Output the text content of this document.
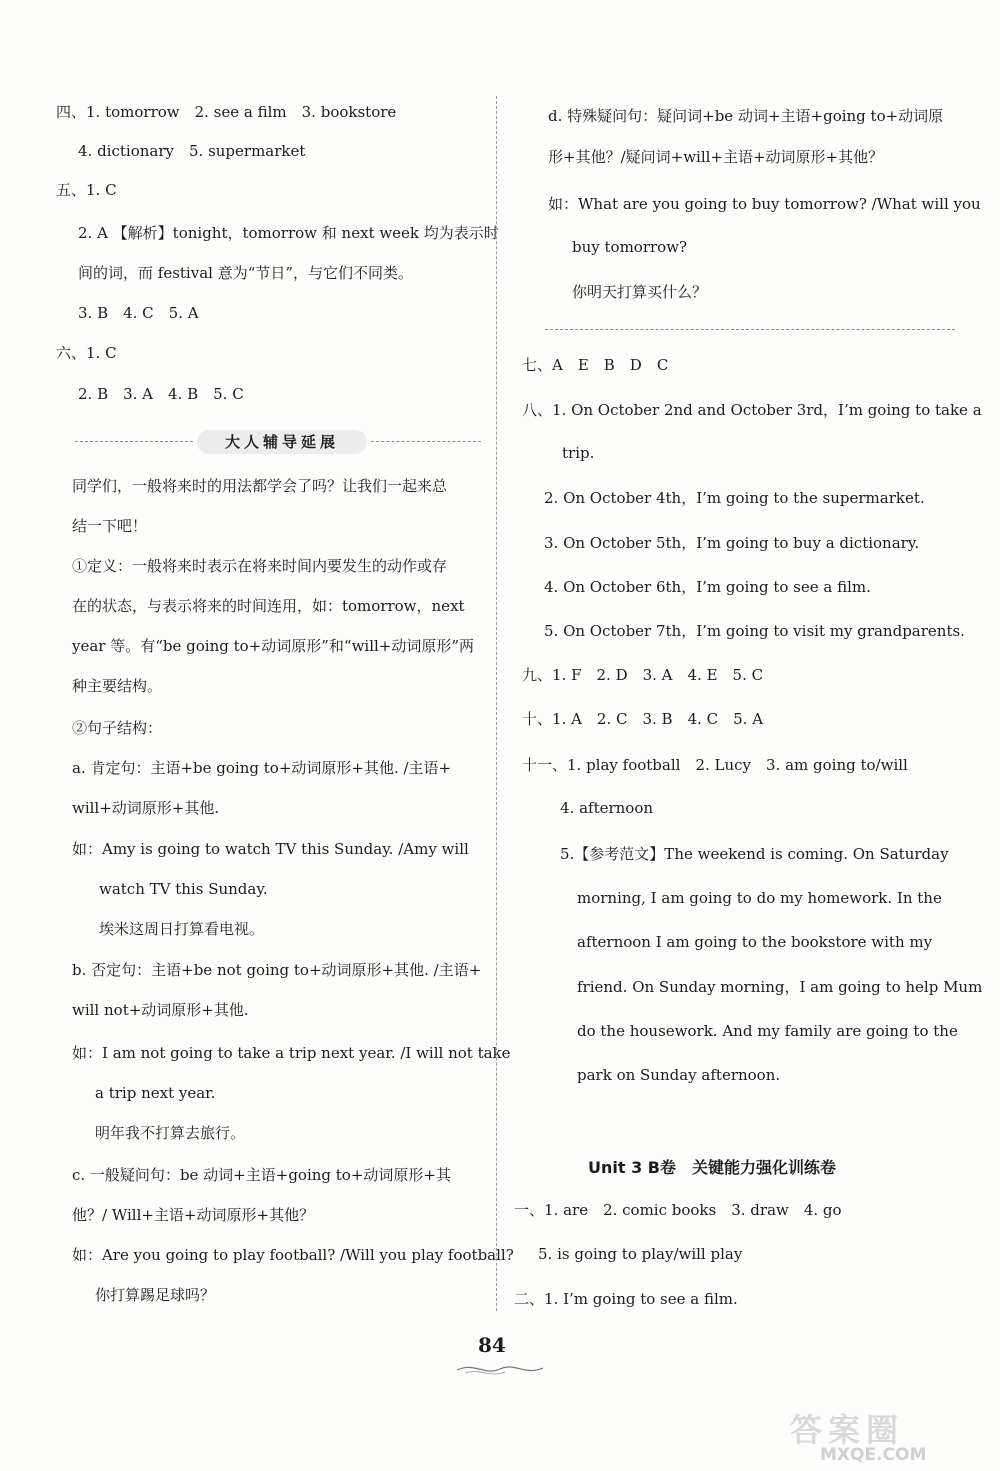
四、1. tomorrow　2. see a film　3. bookstore
4. dictionary　5. supermarket
五、1. C
2. A 【解析】tonight，tomorrow 和 next week 均为表示时
间的词，而 festival 意为“节日”，与它们不同类。
3. B　4. C　5. A
六、1. C
2. B　3. A　4. B　5. C
同学们，一般将来时的用法都学会了吗？让我们一起来总
结一下吧！
①定义：一般将来时表示在将来时间内要发生的动作或存
在的状态，与表示将来的时间连用，如：tomorrow，next
year 等。有“be going to+动词原形”和“will+动词原形”两
种主要结构。
②句子结构：
a. 肯定句：主语+be going to+动词原形+其他. /主语+
will+动词原形+其他.
如：Amy is going to watch TV this Sunday. /Amy will
watch TV this Sunday.
埃米这周日打算看电视。
b. 否定句：主语+be not going to+动词原形+其他. /主语+
will not+动词原形+其他.
如：I am not going to take a trip next year. /I will not take
a trip next year.
明年我不打算去旅行。
c. 一般疑问句：be 动词+主语+going to+动词原形+其
他？/ Will+主语+动词原形+其他？
如：Are you going to play football? /Will you play football?
你打算踢足球吗？
d. 特殊疑问句：疑问词+be 动词+主语+going to+动词原
形+其他？/疑问词+will+主语+动词原形+其他？
如：What are you going to buy tomorrow? /What will you
buy tomorrow?
你明天打算买什么？
七、A　E　B　D　C
八、1. On October 2nd and October 3rd，I’m going to take a
trip.
2. On October 4th，I’m going to the supermarket.
3. On October 5th，I’m going to buy a dictionary.
4. On October 6th，I’m going to see a film.
5. On October 7th，I’m going to visit my grandparents.
九、1. F　2. D　3. A　4. E　5. C
十、1. A　2. C　3. B　4. C　5. A
十一、1. play football　2. Lucy　3. am going to/will
4. afternoon
5.【参考范文】The weekend is coming. On Saturday
morning, I am going to do my homework. In the
afternoon I am going to the bookstore with my
friend. On Sunday morning，I am going to help Mum
do the housework. And my family are going to the
park on Sunday afternoon.
一、1. are　2. comic books　3. draw　4. go
5. is going to play/will play
二、1. I’m going to see a film.
大人辅导延展
Unit 3 B卷　关键能力强化训练卷
84
答案圈
MXQE.COM
